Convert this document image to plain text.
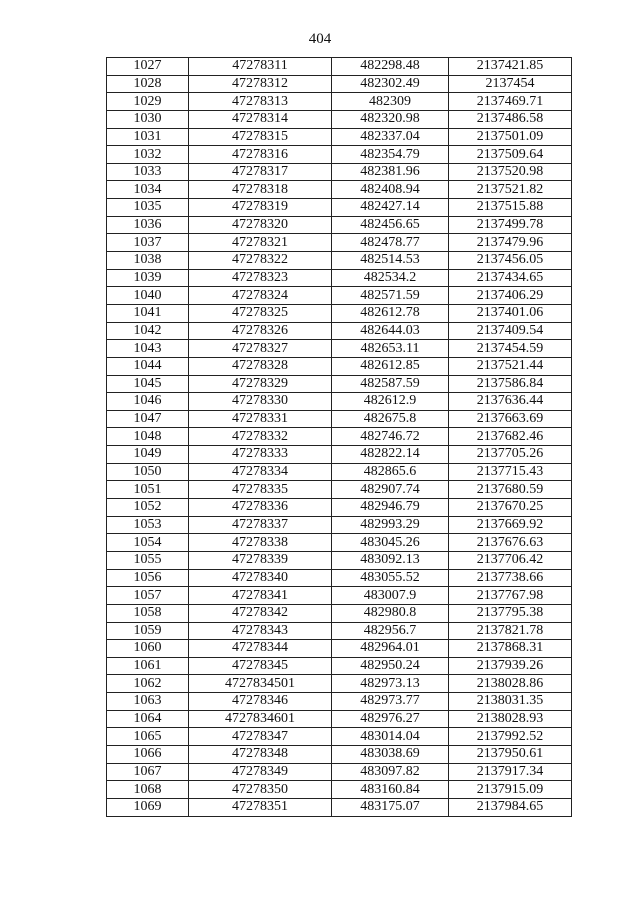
404
1027	47278311	482298.48	2137421.85
1028	47278312	482302.49	2137454
1029	47278313	482309	2137469.71
1030	47278314	482320.98	2137486.58
1031	47278315	482337.04	2137501.09
1032	47278316	482354.79	2137509.64
1033	47278317	482381.96	2137520.98
1034	47278318	482408.94	2137521.82
1035	47278319	482427.14	2137515.88
1036	47278320	482456.65	2137499.78
1037	47278321	482478.77	2137479.96
1038	47278322	482514.53	2137456.05
1039	47278323	482534.2	2137434.65
1040	47278324	482571.59	2137406.29
1041	47278325	482612.78	2137401.06
1042	47278326	482644.03	2137409.54
1043	47278327	482653.11	2137454.59
1044	47278328	482612.85	2137521.44
1045	47278329	482587.59	2137586.84
1046	47278330	482612.9	2137636.44
1047	47278331	482675.8	2137663.69
1048	47278332	482746.72	2137682.46
1049	47278333	482822.14	2137705.26
1050	47278334	482865.6	2137715.43
1051	47278335	482907.74	2137680.59
1052	47278336	482946.79	2137670.25
1053	47278337	482993.29	2137669.92
1054	47278338	483045.26	2137676.63
1055	47278339	483092.13	2137706.42
1056	47278340	483055.52	2137738.66
1057	47278341	483007.9	2137767.98
1058	47278342	482980.8	2137795.38
1059	47278343	482956.7	2137821.78
1060	47278344	482964.01	2137868.31
1061	47278345	482950.24	2137939.26
1062	4727834501	482973.13	2138028.86
1063	47278346	482973.77	2138031.35
1064	4727834601	482976.27	2138028.93
1065	47278347	483014.04	2137992.52
1066	47278348	483038.69	2137950.61
1067	47278349	483097.82	2137917.34
1068	47278350	483160.84	2137915.09
1069	47278351	483175.07	2137984.65
